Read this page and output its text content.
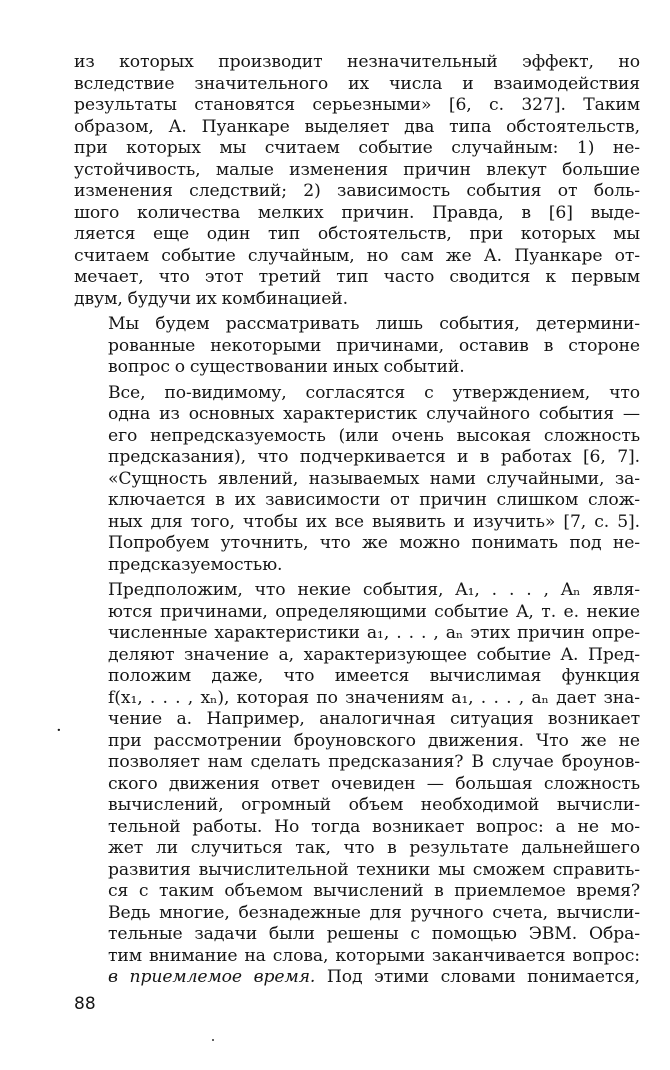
из которых производит незначительный эффект, но
вследствие значительного их числа и взаимодействия
результаты становятся серьезными» [6, с. 327]. Таким
образом, А. Пуанкаре выделяет два типа обстоятельств,
при которых мы считаем событие случайным: 1) не-
устойчивость, малые изменения причин влекут большие
изменения следствий; 2) зависимость события от боль-
шого количества мелких причин. Правда, в [6] выде-
ляется еще один тип обстоятельств, при которых мы
считаем событие случайным, но сам же А. Пуанкаре от-
мечает, что этот третий тип часто сводится к первым
двум, будучи их комбинацией.

Мы будем рассматривать лишь события, детермини-
рованные некоторыми причинами, оставив в стороне
вопрос о существовании иных событий.

Все, по-видимому, согласятся с утверждением, что
одна из основных характеристик случайного события —
его непредсказуемость (или очень высокая сложность
предсказания), что подчеркивается и в работах [6, 7].
«Сущность явлений, называемых нами случайными, за-
ключается в их зависимости от причин слишком слож-
ных для того, чтобы их все выявить и изучить» [7, с. 5].
Попробуем уточнить, что же можно понимать под не-
предсказуемостью.

Предположим, что некие события, A₁, . . . , Aₙ явля-
ются причинами, определяющими событие A, т. е. некие
численные характеристики a₁, . . . , aₙ этих причин опре-
деляют значение a, характеризующее событие A. Пред-
положим даже, что имеется вычислимая функция
f(x₁, . . . , xₙ), которая по значениям a₁, . . . , aₙ дает зна-
чение a. Например, аналогичная ситуация возникает
при рассмотрении броуновского движения. Что же не
позволяет нам сделать предсказания? В случае броунов-
ского движения ответ очевиден — большая сложность
вычислений, огромный объем необходимой вычисли-
тельной работы. Но тогда возникает вопрос: а не мо-
жет ли случиться так, что в результате дальнейшего
развития вычислительной техники мы сможем справить-
ся с таким объемом вычислений в приемлемое время?
Ведь многие, безнадежные для ручного счета, вычисли-
тельные задачи были решены с помощью ЭВМ. Обра-
тим внимание на слова, которыми заканчивается вопрос:
в приемлемое время. Под этими словами понимается,

·
88
